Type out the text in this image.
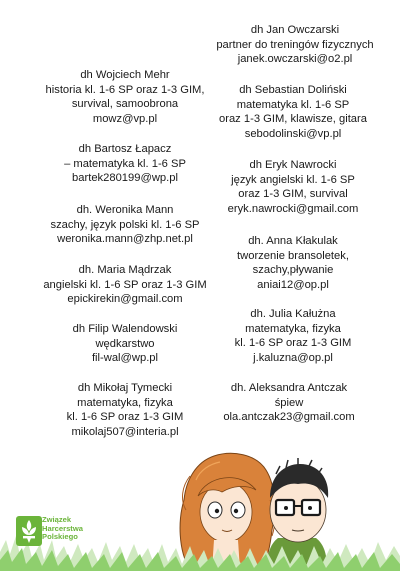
dh Wojciech Mehr
historia kl. 1-6 SP oraz 1-3 GIM,
survival, samoobrona
mowz@vp.pl
dh Bartosz Łapacz
– matematyka kl. 1-6 SP
bartek280199@wp.pl
dh. Weronika Mann
szachy, język polski kl. 1-6 SP
weronika.mann@zhp.net.pl
dh. Maria Mądrzak
angielski kl. 1-6 SP oraz 1-3 GIM
epickirekin@gmail.com
dh Filip Walendowski
wędkarstwo
fil-wal@wp.pl
dh Mikołaj Tymecki
matematyka, fizyka
kl. 1-6 SP oraz 1-3 GIM
mikolaj507@interia.pl
dh Jan Owczarski
partner do treningów fizycznych
janek.owczarski@o2.pl
dh Sebastian Doliński
matematyka kl. 1-6 SP
oraz 1-3 GIM, klawisze, gitara
sebodolinski@vp.pl
dh Eryk Nawrocki
język angielski kl. 1-6 SP
oraz 1-3 GIM, survival
eryk.nawrocki@gmail.com
dh. Anna Kłakulak
tworzenie bransoletek,
szachy,pływanie
aniai12@op.pl
dh. Julia Kałużna
matematyka, fizyka
kl. 1-6 SP oraz 1-3 GIM
j.kaluzna@op.pl
dh. Aleksandra Antczak
śpiew
ola.antczak23@gmail.com
Związek
Harcerstwa
Polskiego
